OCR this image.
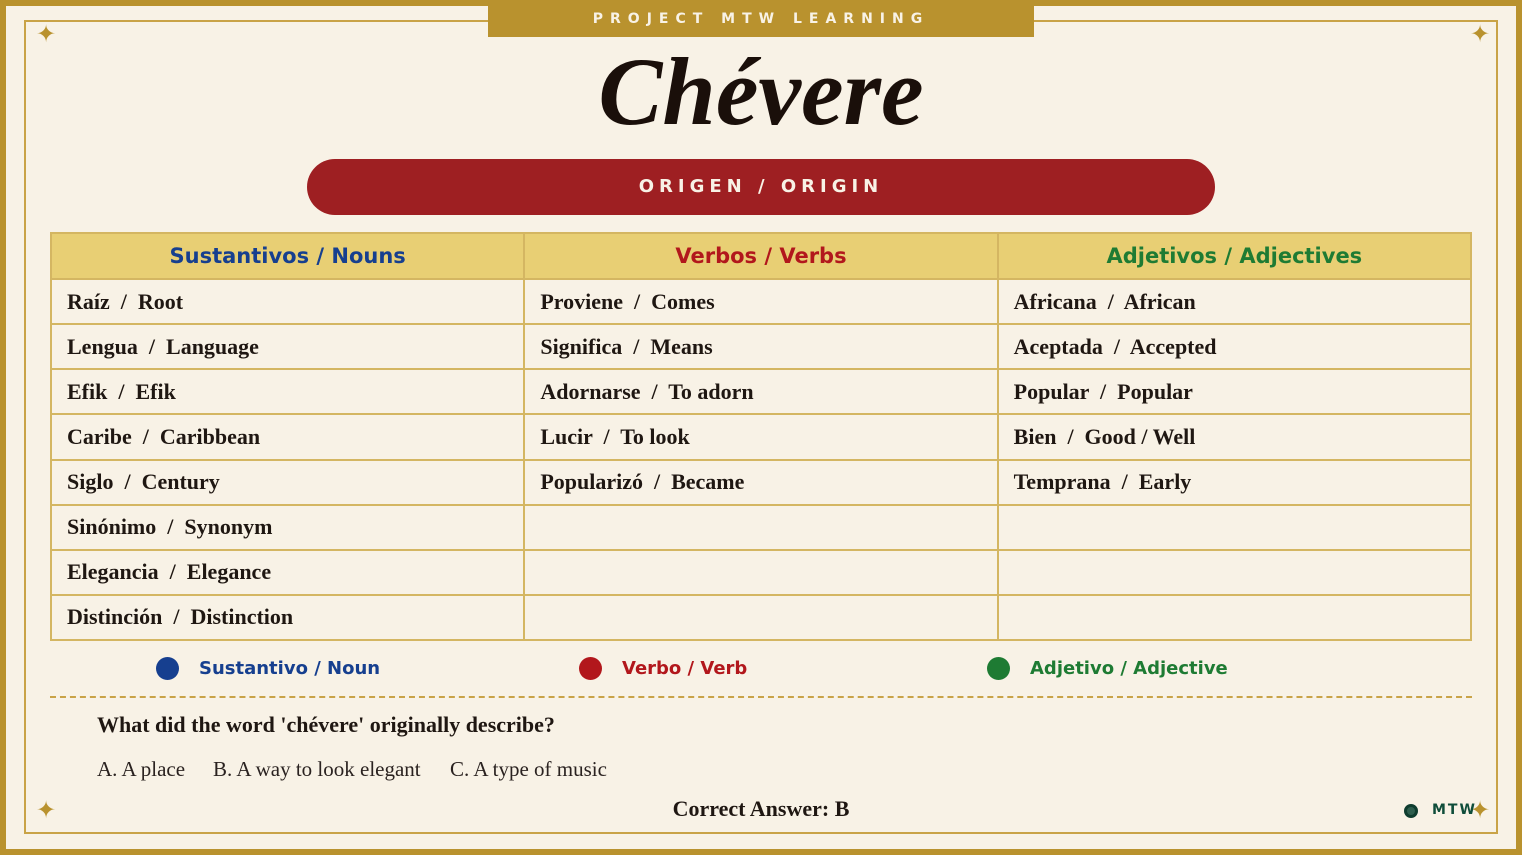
PROJECT MTW LEARNING
✦	✦
✦	✦
Chévere
ORIGEN / ORIGIN
Sustantivos / Nouns	Verbos / Verbs	Adjetivos / Adjectives
Raíz  /  Root	Proviene  /  Comes	Africana  /  African
Lengua  /  Language	Significa  /  Means	Aceptada  /  Accepted
Efik  /  Efik	Adornarse  /  To adorn	Popular  /  Popular
Caribe  /  Caribbean	Lucir  /  To look	Bien  /  Good / Well
Siglo  /  Century	Popularizó  /  Became	Temprana  /  Early
Sinónimo  /  Synonym		
Elegancia  /  Elegance		
Distinción  /  Distinction		
Sustantivo / Noun	Verbo / Verb	Adjetivo / Adjective
What did the word 'chévere' originally describe?
A. A place B. A way to look elegant C. A type of music
Correct Answer: B	MTW
